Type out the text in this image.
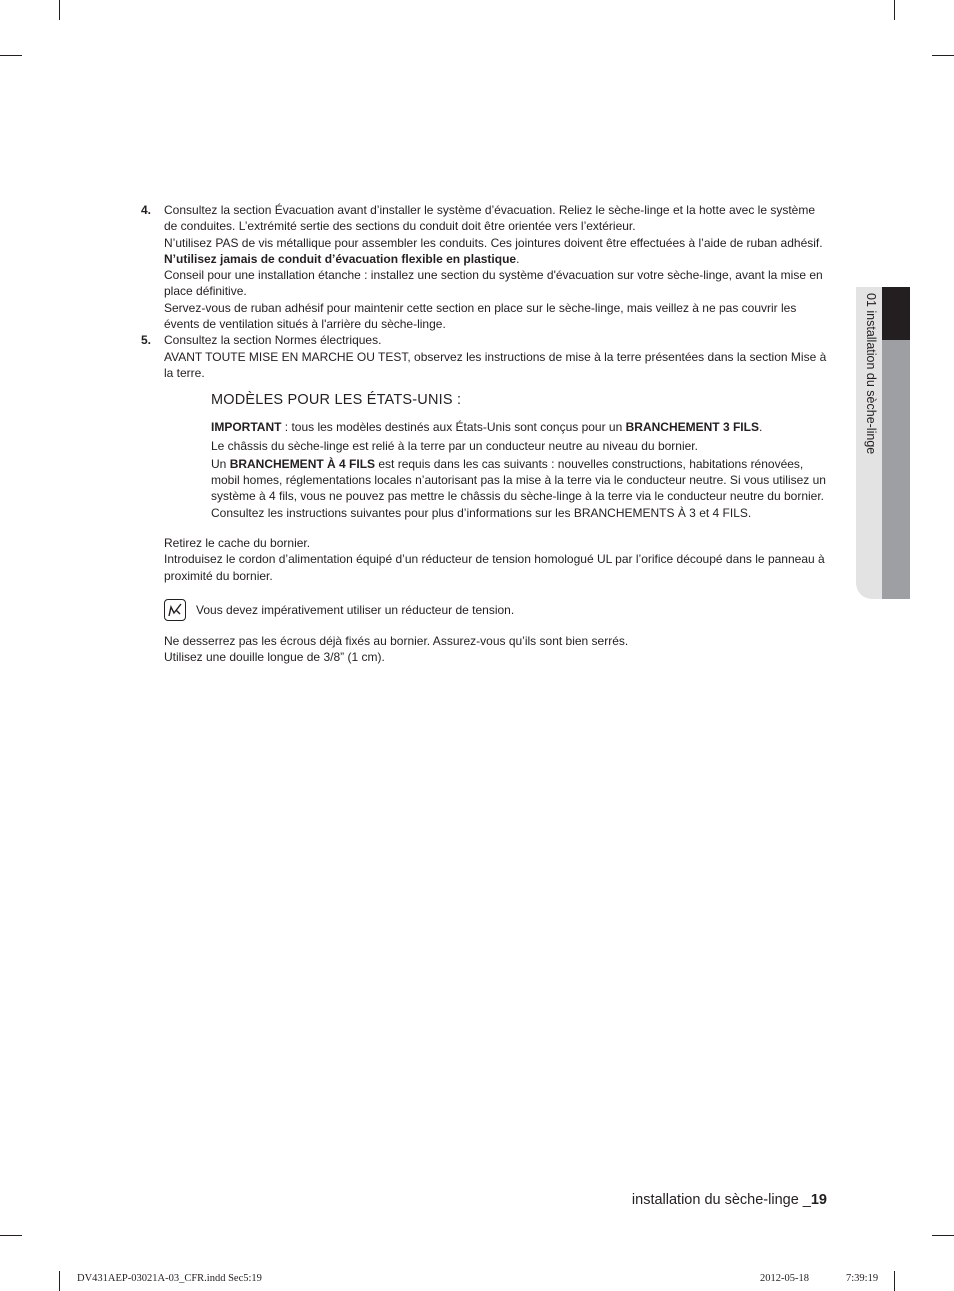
4. Consultez la section Évacuation avant d’installer le système d’évacuation. Reliez le sèche-linge et la hotte avec le système de conduites. L’extrémité sertie des sections du conduit doit être orientée vers l’extérieur.

N’utilisez PAS de vis métallique pour assembler les conduits. Ces jointures doivent être effectuées à l’aide de ruban adhésif.

N’utilisez jamais de conduit d’évacuation flexible en plastique.

Conseil pour une installation étanche : installez une section du système d'évacuation sur votre sèche-linge, avant la mise en place définitive.

Servez-vous de ruban adhésif pour maintenir cette section en place sur le sèche-linge, mais veillez à ne pas couvrir les évents de ventilation situés à l'arrière du sèche-linge.

5. Consultez la section Normes électriques.

AVANT TOUTE MISE EN MARCHE OU TEST, observez les instructions de mise à la terre présentées dans la section Mise à la terre.

MODÈLES POUR LES ÉTATS-UNIS :

IMPORTANT : tous les modèles destinés aux États-Unis sont conçus pour un BRANCHEMENT 3 FILS.

Le châssis du sèche-linge est relié à la terre par un conducteur neutre au niveau du bornier.

Un BRANCHEMENT À 4 FILS est requis dans les cas suivants : nouvelles constructions, habitations rénovées, mobil homes, réglementations locales n’autorisant pas la mise à la terre via le conducteur neutre. Si vous utilisez un système à 4 fils, vous ne pouvez pas mettre le châssis du sèche-linge à la terre via le conducteur neutre du bornier. Consultez les instructions suivantes pour plus d’informations sur les BRANCHEMENTS À 3 et 4 FILS.

Retirez le cache du bornier.

Introduisez le cordon d’alimentation équipé d’un réducteur de tension homologué UL par l’orifice découpé dans le panneau à proximité du bornier.

Vous devez impérativement utiliser un réducteur de tension.

Ne desserrez pas les écrous déjà fixés au bornier. Assurez-vous qu’ils sont bien serrés.

Utilisez une douille longue de 3/8” (1 cm).

01 installation du sèche-linge
installation du sèche-linge _19
DV431AEP-03021A-03_CFR.indd Sec5:19	2012-05-18	7:39:19
